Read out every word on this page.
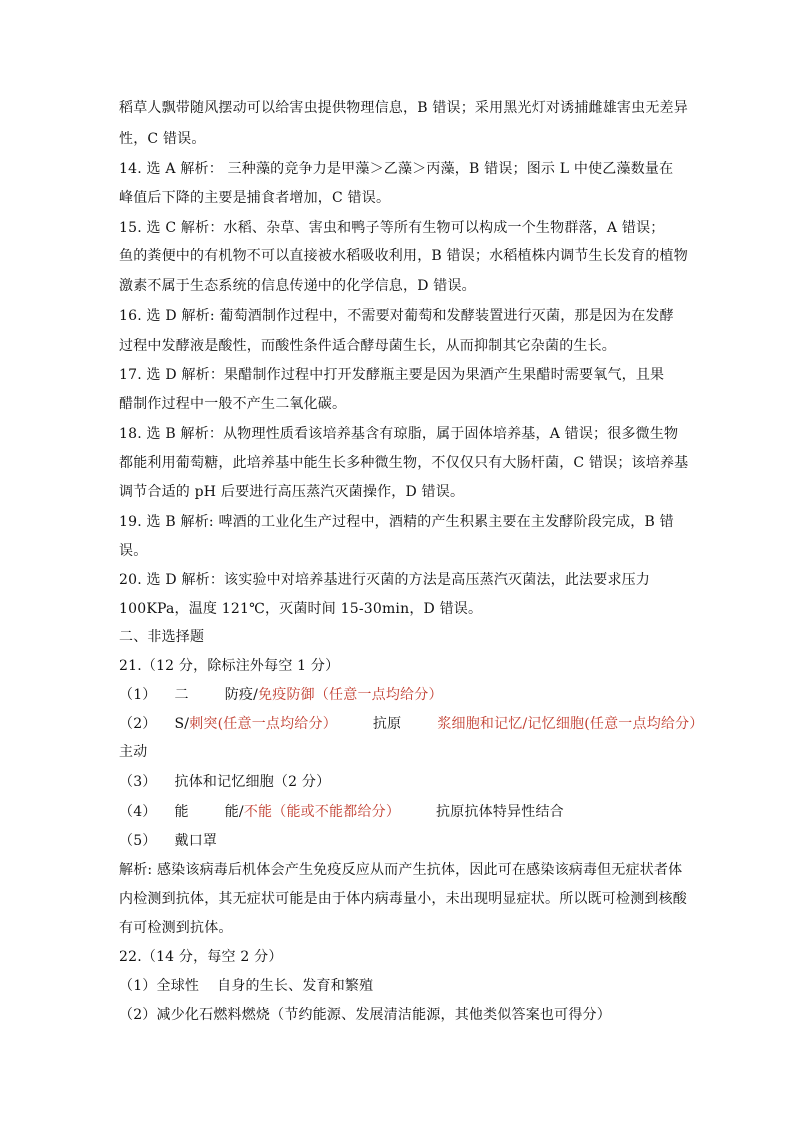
稻草人飘带随风摆动可以给害虫提供物理信息，B 错误；采用黑光灯对诱捕雌雄害虫无差异
性，C 错误。
14. 选 A 解析： 三种藻的竞争力是甲藻＞乙藻＞丙藻，B 错误；图示 L 中使乙藻数量在
峰值后下降的主要是捕食者增加，C 错误。
15. 选 C 解析：水稻、杂草、害虫和鸭子等所有生物可以构成一个生物群落，A 错误；
鱼的粪便中的有机物不可以直接被水稻吸收利用，B 错误；水稻植株内调节生长发育的植物
激素不属于生态系统的信息传递中的化学信息，D 错误。
16. 选 D 解析: 葡萄酒制作过程中，不需要对葡萄和发酵装置进行灭菌，那是因为在发酵
过程中发酵液是酸性，而酸性条件适合酵母菌生长，从而抑制其它杂菌的生长。
17. 选 D 解析：果醋制作过程中打开发酵瓶主要是因为果酒产生果醋时需要氧气，且果
醋制作过程中一般不产生二氧化碳。
18. 选 B 解析：从物理性质看该培养基含有琼脂，属于固体培养基，A 错误；很多微生物
都能利用葡萄糖，此培养基中能生长多种微生物，不仅仅只有大肠杆菌，C 错误；该培养基
调节合适的 pH 后要进行高压蒸汽灭菌操作，D 错误。
19. 选 B 解析: 啤酒的工业化生产过程中，酒精的产生积累主要在主发酵阶段完成，B 错
误。
20. 选 D 解析：该实验中对培养基进行灭菌的方法是高压蒸汽灭菌法，此法要求压力
100KPa，温度 121℃，灭菌时间 15-30min，D 错误。
二、非选择题
21.（12 分，除标注外每空 1 分）
（1） 二	防疫/免疫防御（任意一点均给分）
（2） S/刺突(任意一点均给分）	抗原	浆细胞和记忆/记忆细胞(任意一点均给分）
主动
（3） 抗体和记忆细胞（2 分）
（4） 能	能/不能（能或不能都给分）	抗原抗体特异性结合
（5） 戴口罩
解析: 感染该病毒后机体会产生免疫反应从而产生抗体，因此可在感染该病毒但无症状者体
内检测到抗体，其无症状可能是由于体内病毒量小，未出现明显症状。所以既可检测到核酸
有可检测到抗体。
22.（14 分，每空 2 分）
（1）全球性 自身的生长、发育和繁殖
（2）减少化石燃料燃烧（节约能源、发展清洁能源，其他类似答案也可得分）
